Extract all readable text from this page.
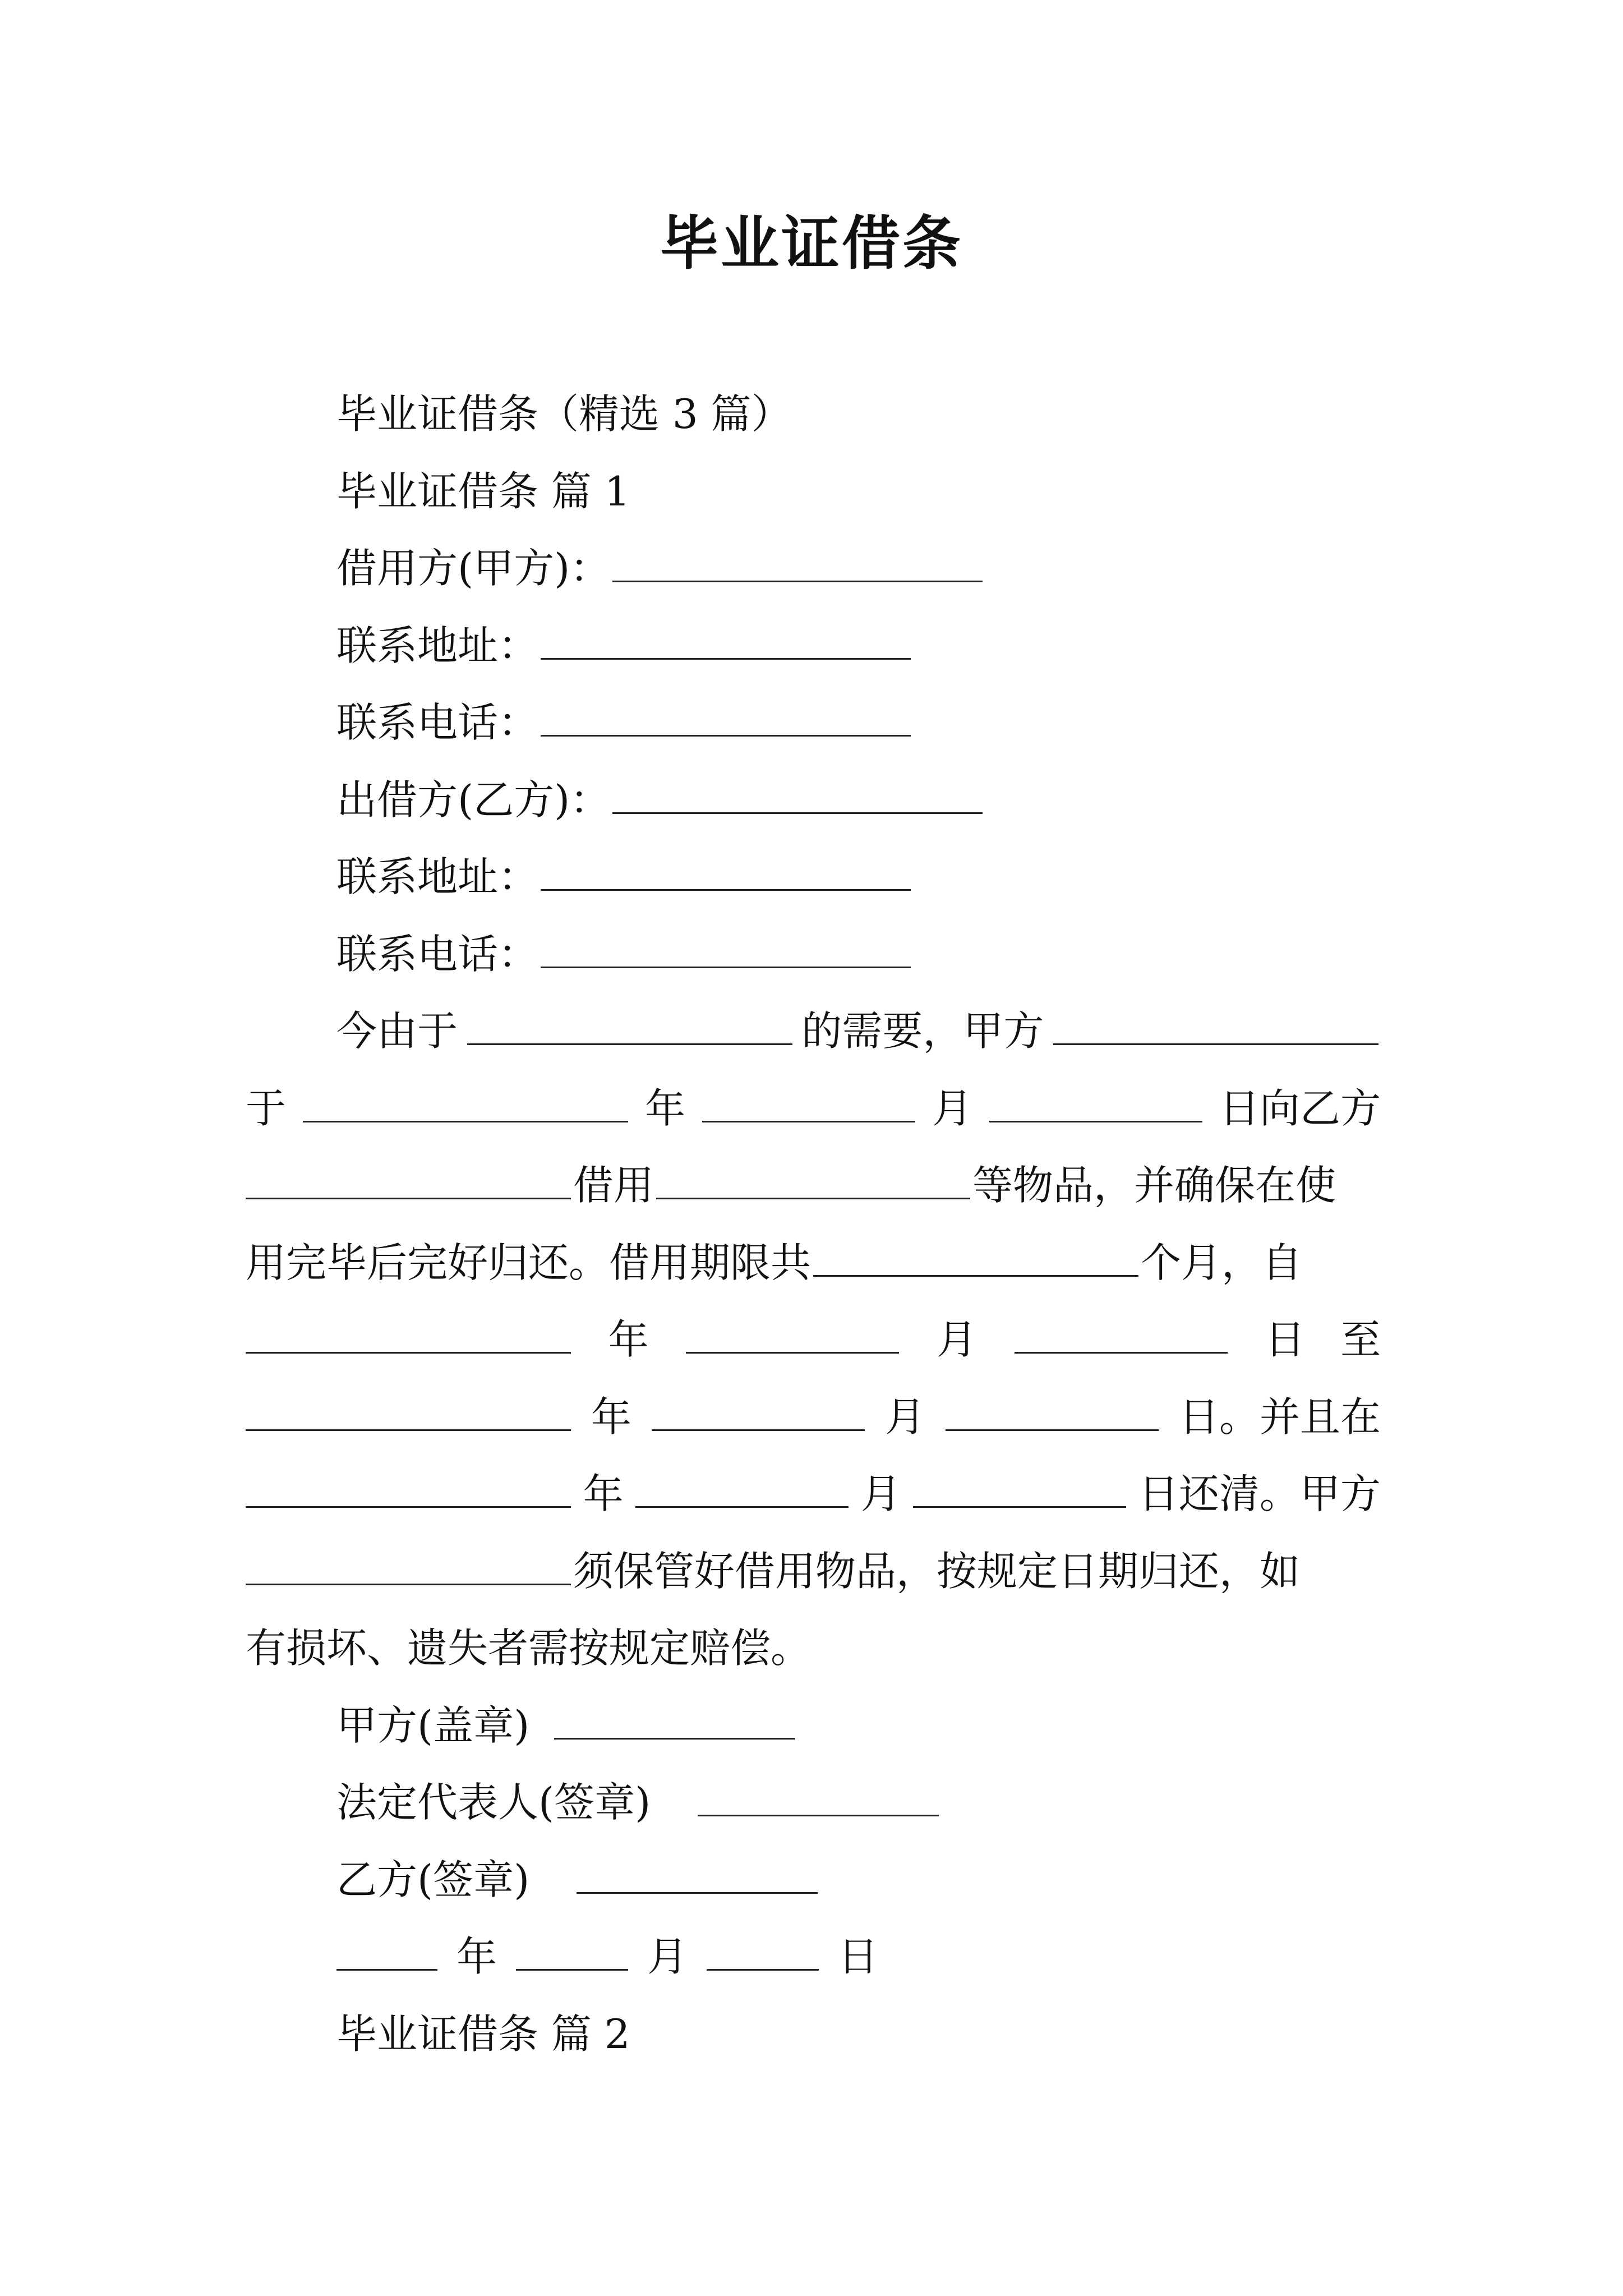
毕业证借条
毕业证借条（精选 3 篇）
毕业证借条 篇 1
借用方(甲方)：
联系地址：
联系电话：
出借方(乙方)：
联系地址：
联系电话：
今由于	的需要，甲方
于	年	月	日向乙方
借用	等物品，并确保在使
用完毕后完好归还。借用期限共	个月，自
年	月	日 至
年	月	日。并且在
年	月	日还清。甲方
须保管好借用物品，按规定日期归还，如
有损坏、遗失者需按规定赔偿。
甲方(盖章)
法定代表人(签章)
乙方(签章)
年	月	日
毕业证借条 篇 2
